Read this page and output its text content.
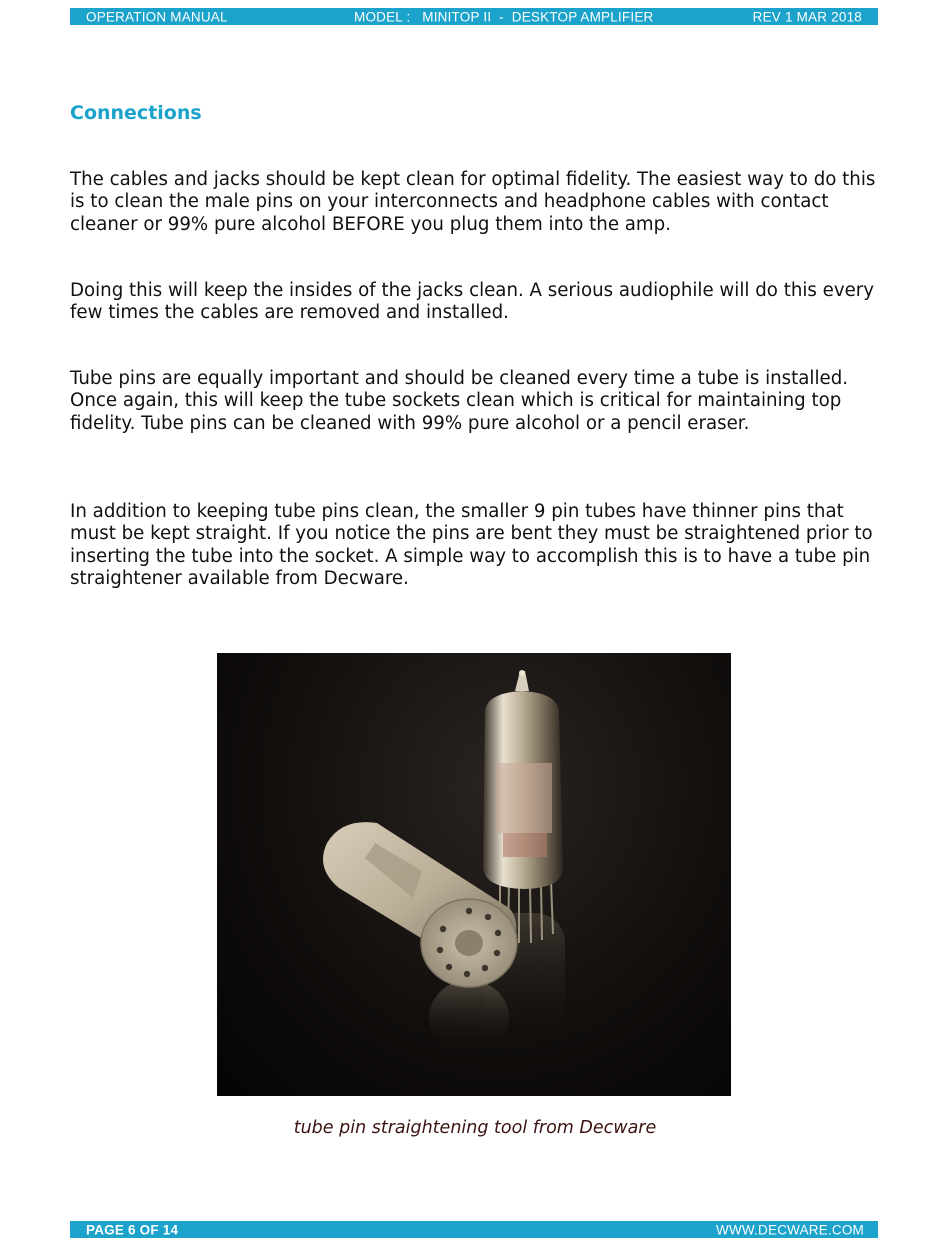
OPERATION MANUAL	MODEL :   MINITOP II  -  DESKTOP AMPLIFIER	REV 1 MAR 2018
Connections

The cables and jacks should be kept clean for optimal fidelity. The easiest way to do this is to clean the male pins on your interconnects and headphone cables with contact cleaner or 99% pure alcohol BEFORE you plug them into the amp.

Doing this will keep the insides of the jacks clean. A serious audiophile will do this every few times the cables are removed and installed.

Tube pins are equally important and should be cleaned every time a tube is installed. Once again, this will keep the tube sockets clean which is critical for maintaining top fidelity. Tube pins can be cleaned with 99% pure alcohol or a pencil eraser.

In addition to keeping tube pins clean, the smaller 9 pin tubes have thinner pins that must be kept straight. If you notice the pins are bent they must be straightened prior to inserting the tube into the socket. A simple way to accomplish this is to have a tube pin straightener available from Decware.

tube pin straightening tool from Decware
PAGE 6 OF 14	WWW.DECWARE.COM
